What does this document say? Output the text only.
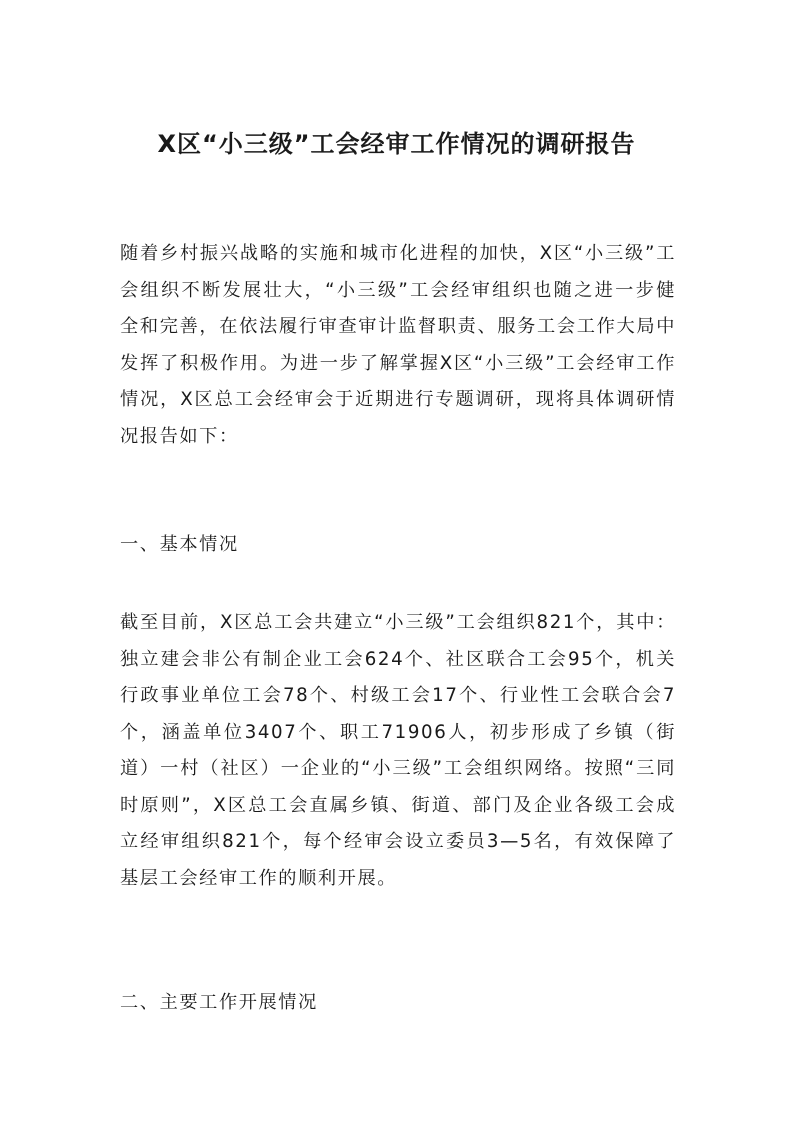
X区“小三级”工会经审工作情况的调研报告

随着乡村振兴战略的实施和城市化进程的加快，X区“小三级”工会组织不断发展壮大，“小三级”工会经审组织也随之进一步健全和完善，在依法履行审查审计监督职责、服务工会工作大局中发挥了积极作用。为进一步了解掌握X区“小三级”工会经审工作情况，X区总工会经审会于近期进行专题调研，现将具体调研情况报告如下：

一、基本情况

截至目前，X区总工会共建立“小三级”工会组织821个，其中：独立建会非公有制企业工会624个、社区联合工会95个，机关行政事业单位工会78个、村级工会17个、行业性工会联合会7个，涵盖单位3407个、职工71906人，初步形成了乡镇（街道）一村（社区）一企业的“小三级”工会组织网络。按照“三同时原则”，X区总工会直属乡镇、街道、部门及企业各级工会成立经审组织821个，每个经审会设立委员3—5名，有效保障了基层工会经审工作的顺利开展。

二、主要工作开展情况
